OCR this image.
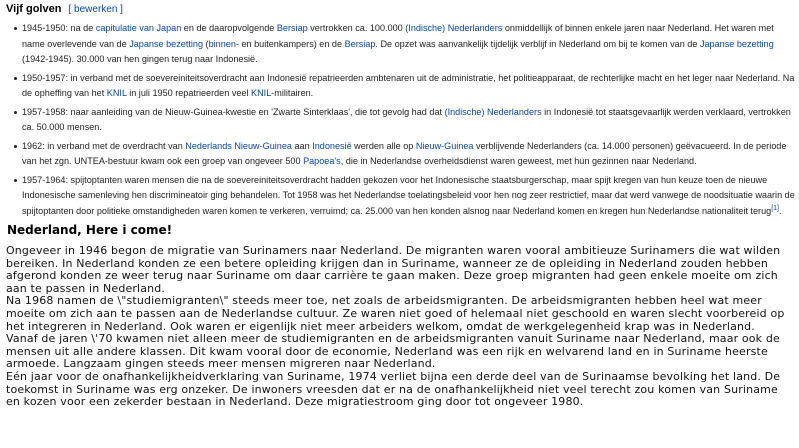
Vijf golven [ bewerken ]
1945-1950: na de capitulatie van Japan en de daaropvolgende Bersiap vertrokken ca. 100.000 (Indische) Nederlanders onmiddellijk of binnen enkele jaren naar Nederland. Het waren met name overlevende van de Japanse bezetting (binnen- en buitenkampers) en de Bersiap. De opzet was aanvankelijk tijdelijk verblijf in Nederland om bij te komen van de Japanse bezetting (1942-1945). 30.000 van hen gingen terug naar Indonesië.
1950-1957: in verband met de soevereiniteitsoverdracht aan Indonesië repatrieerden ambtenaren uit de administratie, het politieapparaat, de rechterlijke macht en het leger naar Nederland. Na de opheffing van het KNIL in juli 1950 repatrieerden veel KNIL-militairen.
1957-1958: naar aanleiding van de Nieuw-Guinea-kwestie en 'Zwarte Sinterklaas', die tot gevolg had dat (Indische) Nederlanders in Indonesië tot staatsgevaarlijk werden verklaard, vertrokken ca. 50.000 mensen.
1962: in verband met de overdracht van Nederlands Nieuw-Guinea aan Indonesië werden alle op Nieuw-Guinea verblijvende Nederlanders (ca. 14.000 personen) geëvacueerd. In de periode van het zgn. UNTEA-bestuur kwam ook een groep van ongeveer 500 Papoea's, die in Nederlandse overheidsdienst waren geweest, met hun gezinnen naar Nederland.
1957-1964: spijtoptanten waren mensen die na de soevereiniteitsoverdracht hadden gekozen voor het Indonesische staatsburgerschap, maar spijt kregen van hun keuze toen de nieuwe Indonesische samenleving hen discrimineatoir ging behandelen. Tot 1958 was het Nederlandse toelatingsbeleid voor hen nog zeer restrictief, maar dat werd vanwege de noodsituatie waarin de spijtoptanten door politieke omstandigheden waren komen te verkeren, verruimd; ca. 25.000 van hen konden alsnog naar Nederland komen en kregen hun Nederlandse nationaliteit terug[1].
Nederland, Here i come!
Ongeveer in 1946 begon de migratie van Surinamers naar Nederland. De migranten waren vooral ambitieuze Surinamers die wat wilden bereiken. In Nederland konden ze een betere opleiding krijgen dan in Suriname, wanneer ze de opleiding in Nederland zouden hebben afgerond konden ze weer terug naar Suriname om daar carrière te gaan maken. Deze groep migranten had geen enkele moeite om zich aan te passen in Nederland.
Na 1968 namen de \"studiemigranten\" steeds meer toe, net zoals de arbeidsmigranten. De arbeidsmigranten hebben heel wat meer moeite om zich aan te passen aan de Nederlandse cultuur. Ze waren niet goed of helemaal niet geschoold en waren slecht voorbereid op het integreren in Nederland. Ook waren er eigenlijk niet meer arbeiders welkom, omdat de werkgelegenheid krap was in Nederland.
Vanaf de jaren \'70 kwamen niet alleen meer de studiemigranten en de arbeidsmigranten vanuit Suriname naar Nederland, maar ook de mensen uit alle andere klassen. Dit kwam vooral door de economie, Nederland was een rijk en welvarend land en in Suriname heerste armoede. Langzaam gingen steeds meer mensen migreren naar Nederland.
Eén jaar voor de onafhankelijkheidverklaring van Suriname, 1974 verliet bijna een derde deel van de Surinaamse bevolking het land. De toekomst in Suriname was erg onzeker. De inwoners vreesden dat er na de onafhankelijkheid niet veel terecht zou komen van Suriname en kozen voor een zekerder bestaan in Nederland. Deze migratiestroom ging door tot ongeveer 1980.
